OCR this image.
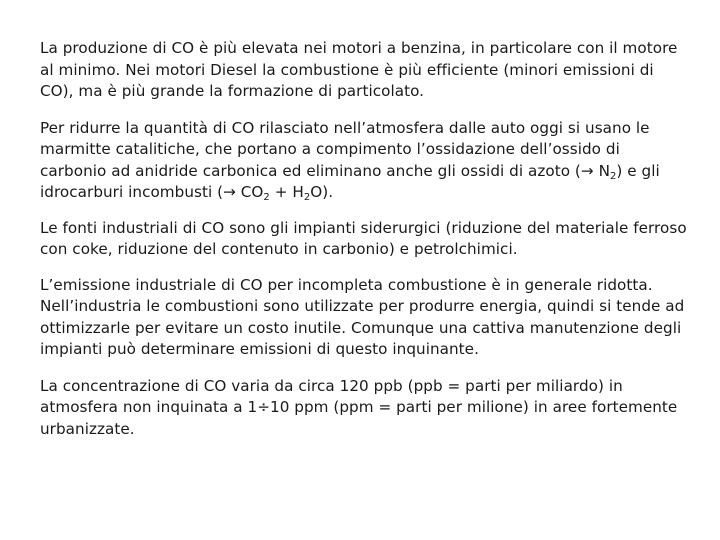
La produzione di CO è più elevata nei motori a benzina, in particolare con il motore al minimo. Nei motori Diesel la combustione è più efficiente (minori emissioni di CO), ma è più grande la formazione di particolato.

Per ridurre la quantità di CO rilasciato nell’atmosfera dalle auto oggi si usano le marmitte catalitiche, che portano a compimento l’ossidazione dell’ossido di carbonio ad anidride carbonica ed eliminano anche gli ossidi di azoto (→ $N_2$) e gli idrocarburi incombusti (→ $CO_2 + H_2O$).

Le fonti industriali di CO sono gli impianti siderurgici (riduzione del materiale ferroso con coke, riduzione del contenuto in carbonio) e petrolchimici.

L’emissione industriale di CO per incompleta combustione è in generale ridotta. Nell’industria le combustioni sono utilizzate per produrre energia, quindi si tende ad ottimizzarle per evitare un costo inutile. Comunque una cattiva manutenzione degli impianti può determinare emissioni di questo inquinante.

La concentrazione di CO varia da circa 120 ppb (ppb = parti per miliardo) in atmosfera non inquinata a 1÷10 ppm (ppm = parti per milione) in aree fortemente urbanizzate.
